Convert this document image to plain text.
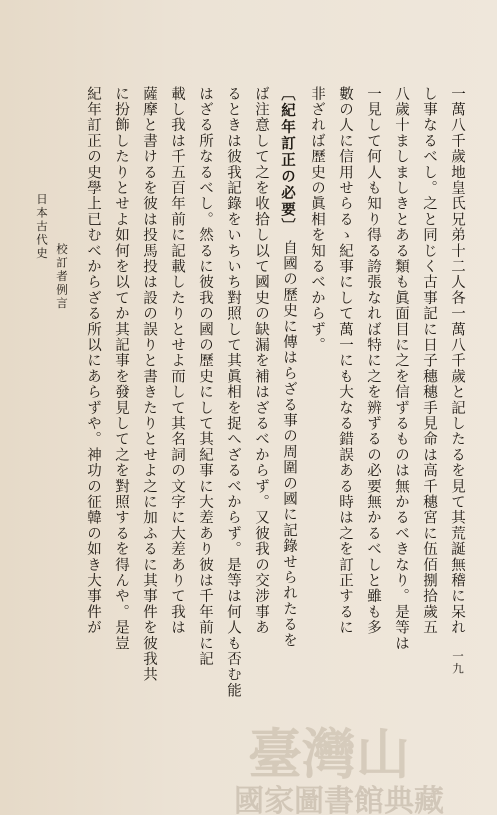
一萬八千歲地皇氏兄弟十二人各一萬八千歲と記したるを見て其荒誕無稽に呆れ
し事なるべし。之と同じく古事記に日子穗穗手見命は高千穗宮に伍佰捌拾歲五
八歲十ましましきとある類も眞面目に之を信ずるものは無かるべきなり。是等は
一見して何人も知り得る誇張なれば特に之を辨ずるの必要無かるべしと雖も多
數の人に信用せらるゝ紀事にして萬一にも大なる錯誤ある時は之を訂正するに
非ざれば歷史の眞相を知るべからず。
〔紀年訂正の必要〕
自國の歷史に傳はらざる事の周圍の國に記錄せられたるを
ば注意して之を收拾し以て國史の缺漏を補はざるべからず。又彼我の交涉事あ
るときは彼我記錄をいちいち對照して其眞相を捉へざるべからず。是等は何人も否む能
はざる所なるべし。然るに彼我の國の歷史にして其紀事に大差あり彼は千年前に記
載し我は千五百年前に記載したりとせよ而して其名詞の文字に大差ありて我は
薩摩と書けるを彼は投馬投は設の誤りと書きたりとせよ之に加ふるに其事件を彼我共
に扮飾したりとせよ如何を以てか其記事を發見して之を對照するを得んや。是豈
紀年訂正の史學上已むべからざる所以にあらずや。神功の征韓の如き大事件が
校訂者例言
日本古代史
一九
臺灣山
國家圖書館典藏
